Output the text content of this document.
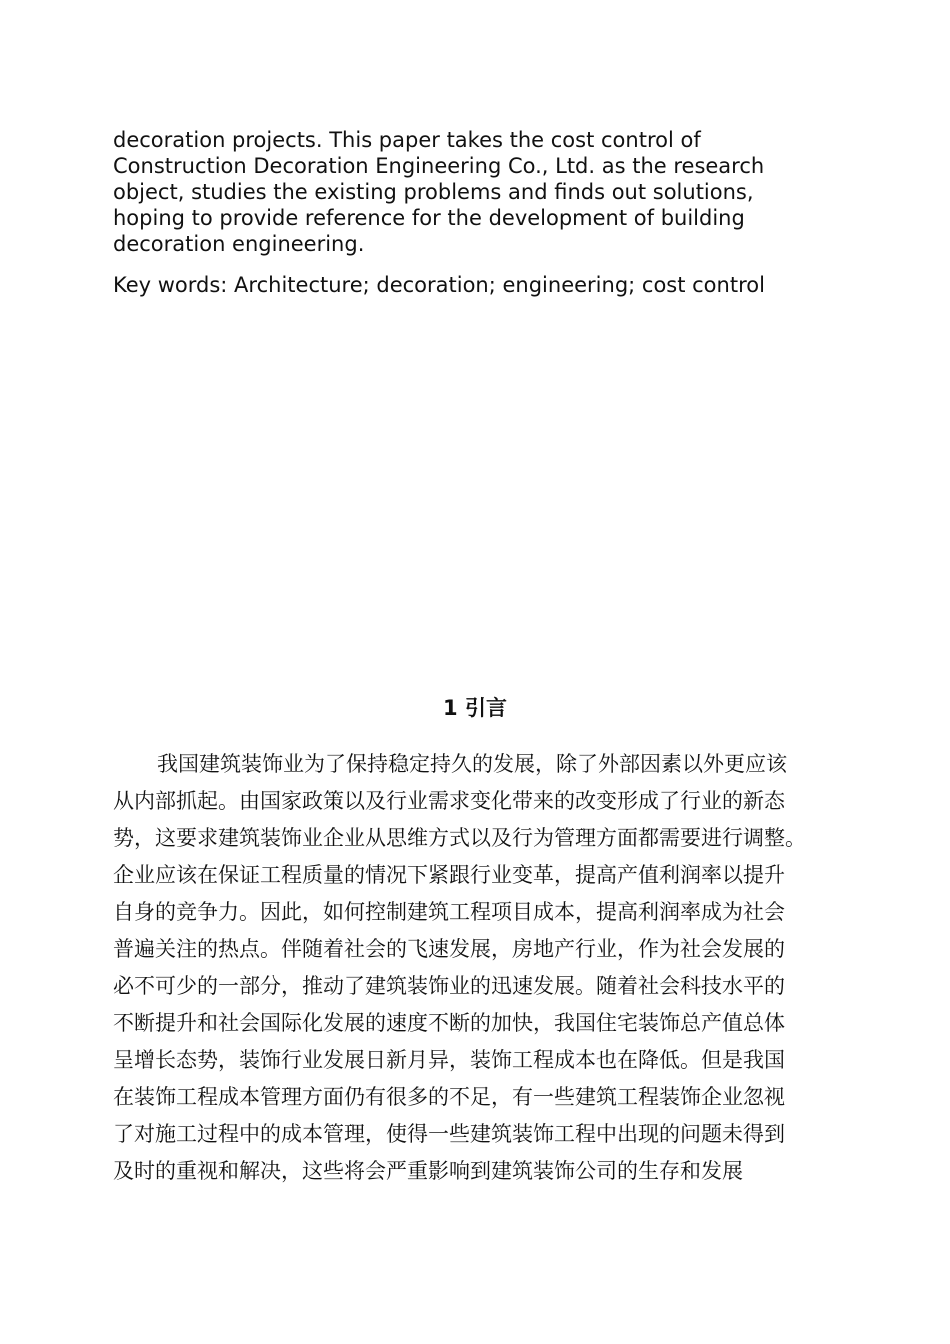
decoration projects. This paper takes the cost control of
Construction Decoration Engineering Co., Ltd. as the research
object, studies the existing problems and finds out solutions,
hoping to provide reference for the development of building
decoration engineering.

Key words: Architecture; decoration; engineering; cost control

1 引言
我国建筑装饰业为了保持稳定持久的发展，除了外部因素以外更应该
从内部抓起。由国家政策以及行业需求变化带来的改变形成了行业的新态
势，这要求建筑装饰业企业从思维方式以及行为管理方面都需要进行调整。
企业应该在保证工程质量的情况下紧跟行业变革，提高产值利润率以提升
自身的竞争力。因此，如何控制建筑工程项目成本，提高利润率成为社会
普遍关注的热点。伴随着社会的飞速发展，房地产行业，作为社会发展的
必不可少的一部分，推动了建筑装饰业的迅速发展。随着社会科技水平的
不断提升和社会国际化发展的速度不断的加快，我国住宅装饰总产值总体
呈增长态势，装饰行业发展日新月异，装饰工程成本也在降低。但是我国
在装饰工程成本管理方面仍有很多的不足，有一些建筑工程装饰企业忽视
了对施工过程中的成本管理，使得一些建筑装饰工程中出现的问题未得到
及时的重视和解决，这些将会严重影响到建筑装饰公司的生存和发展
